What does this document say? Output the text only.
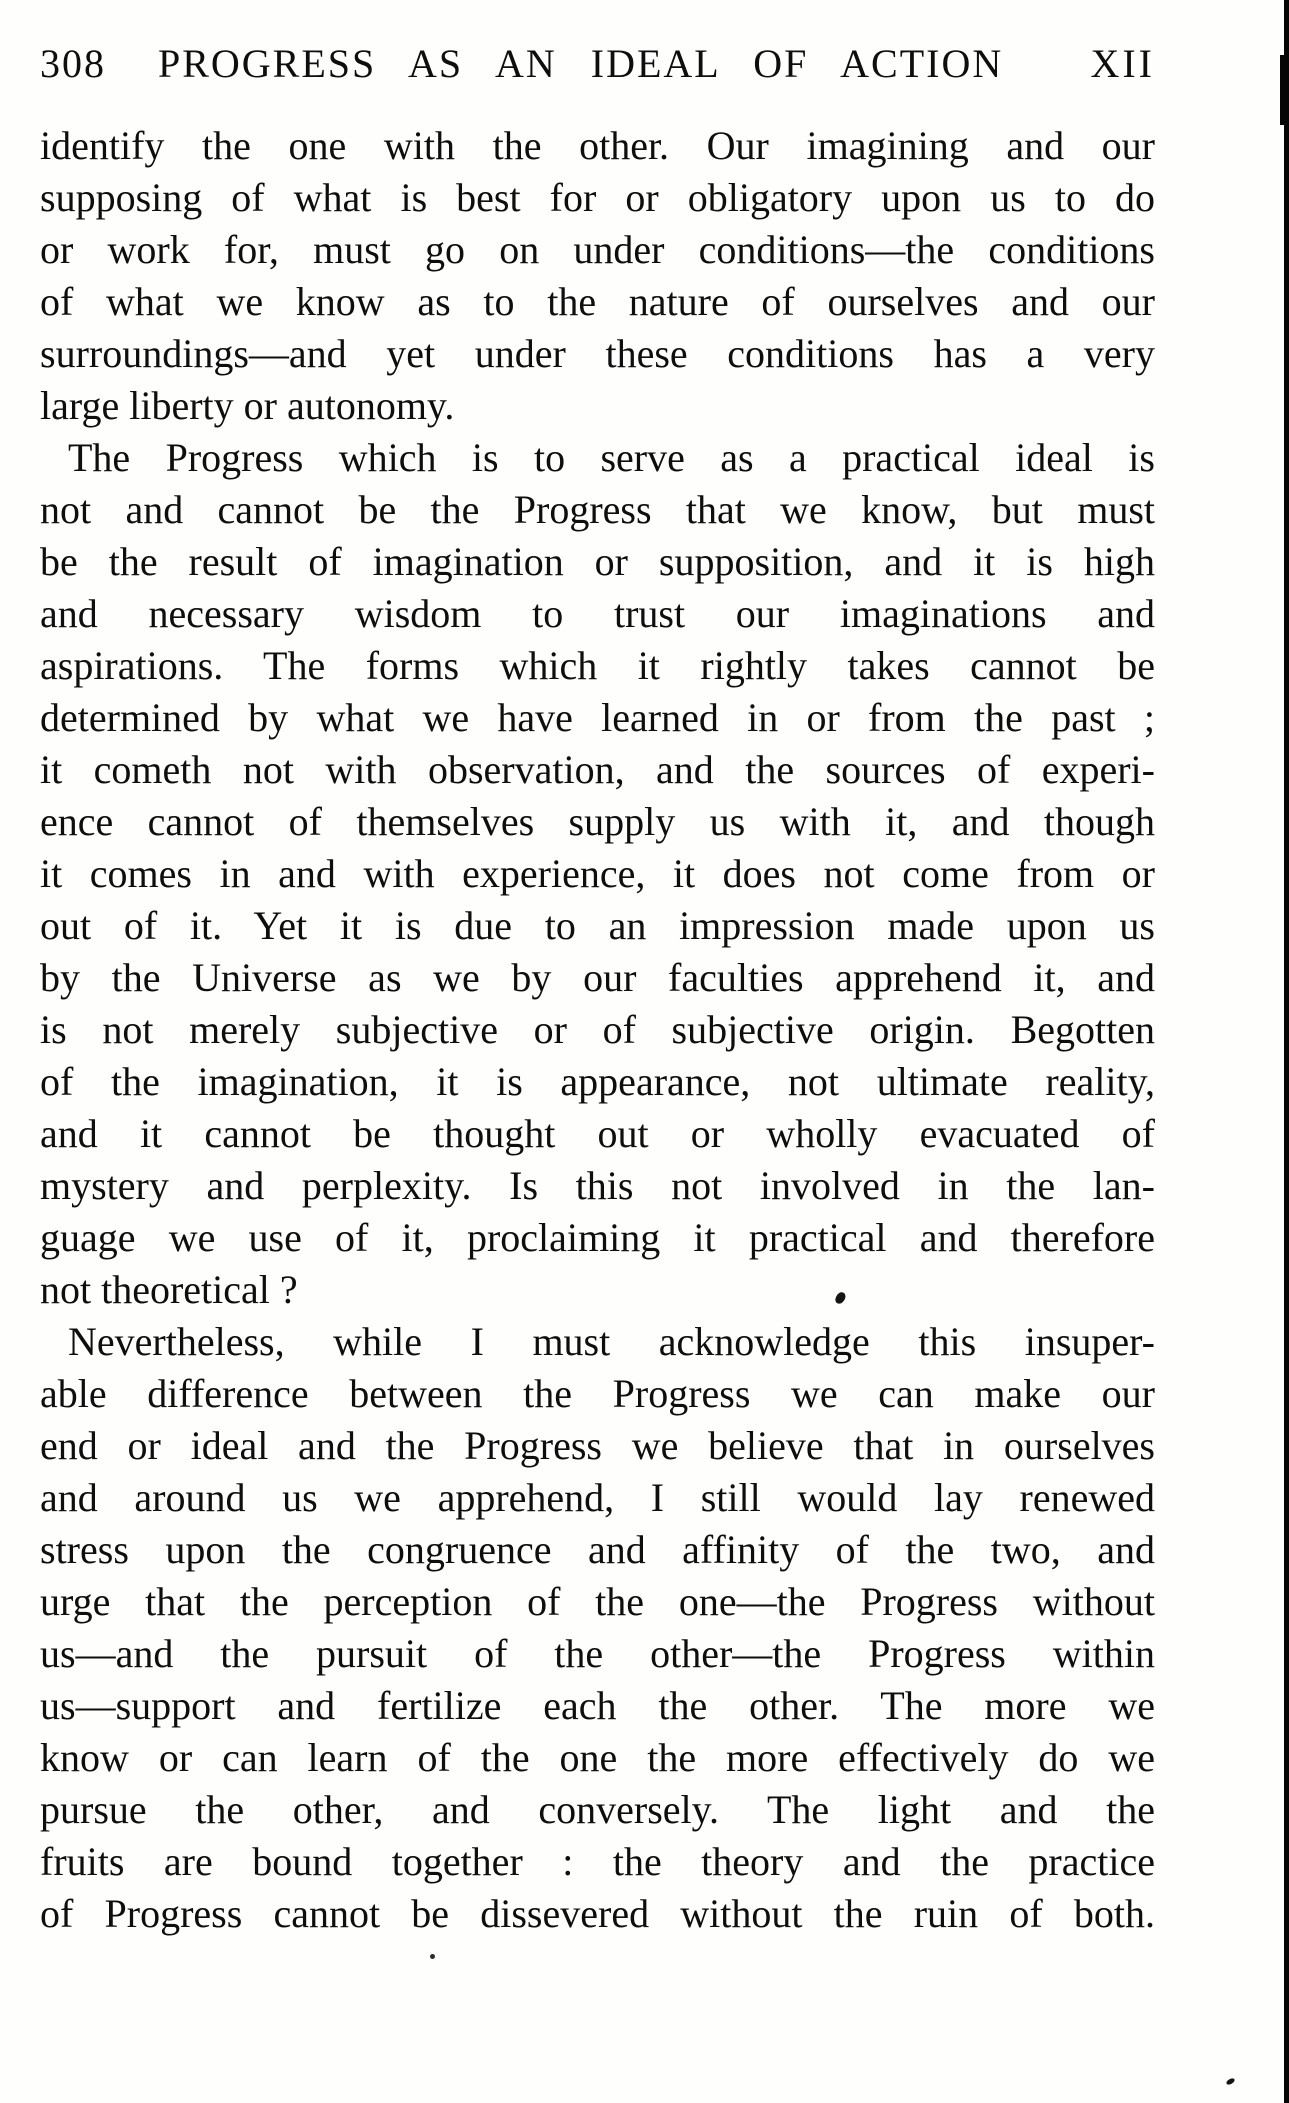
308 PROGRESS AS AN IDEAL OF ACTION XII
identify the one with the other. Our imagining and our
supposing of what is best for or obligatory upon us to do
or work for, must go on under conditions—the conditions
of what we know as to the nature of ourselves and our
surroundings—and yet under these conditions has a very
large liberty or autonomy.
The Progress which is to serve as a practical ideal is
not and cannot be the Progress that we know, but must
be the result of imagination or supposition, and it is high
and necessary wisdom to trust our imaginations and
aspirations. The forms which it rightly takes cannot be
determined by what we have learned in or from the past ;
it cometh not with observation, and the sources of experi-
ence cannot of themselves supply us with it, and though
it comes in and with experience, it does not come from or
out of it. Yet it is due to an impression made upon us
by the Universe as we by our faculties apprehend it, and
is not merely subjective or of subjective origin. Begotten
of the imagination, it is appearance, not ultimate reality,
and it cannot be thought out or wholly evacuated of
mystery and perplexity. Is this not involved in the lan-
guage we use of it, proclaiming it practical and therefore
not theoretical ?
Nevertheless, while I must acknowledge this insuper-
able difference between the Progress we can make our
end or ideal and the Progress we believe that in ourselves
and around us we apprehend, I still would lay renewed
stress upon the congruence and affinity of the two, and
urge that the perception of the one—the Progress without
us—and the pursuit of the other—the Progress within
us—support and fertilize each the other. The more we
know or can learn of the one the more effectively do we
pursue the other, and conversely. The light and the
fruits are bound together : the theory and the practice
of Progress cannot be dissevered without the ruin of both.
